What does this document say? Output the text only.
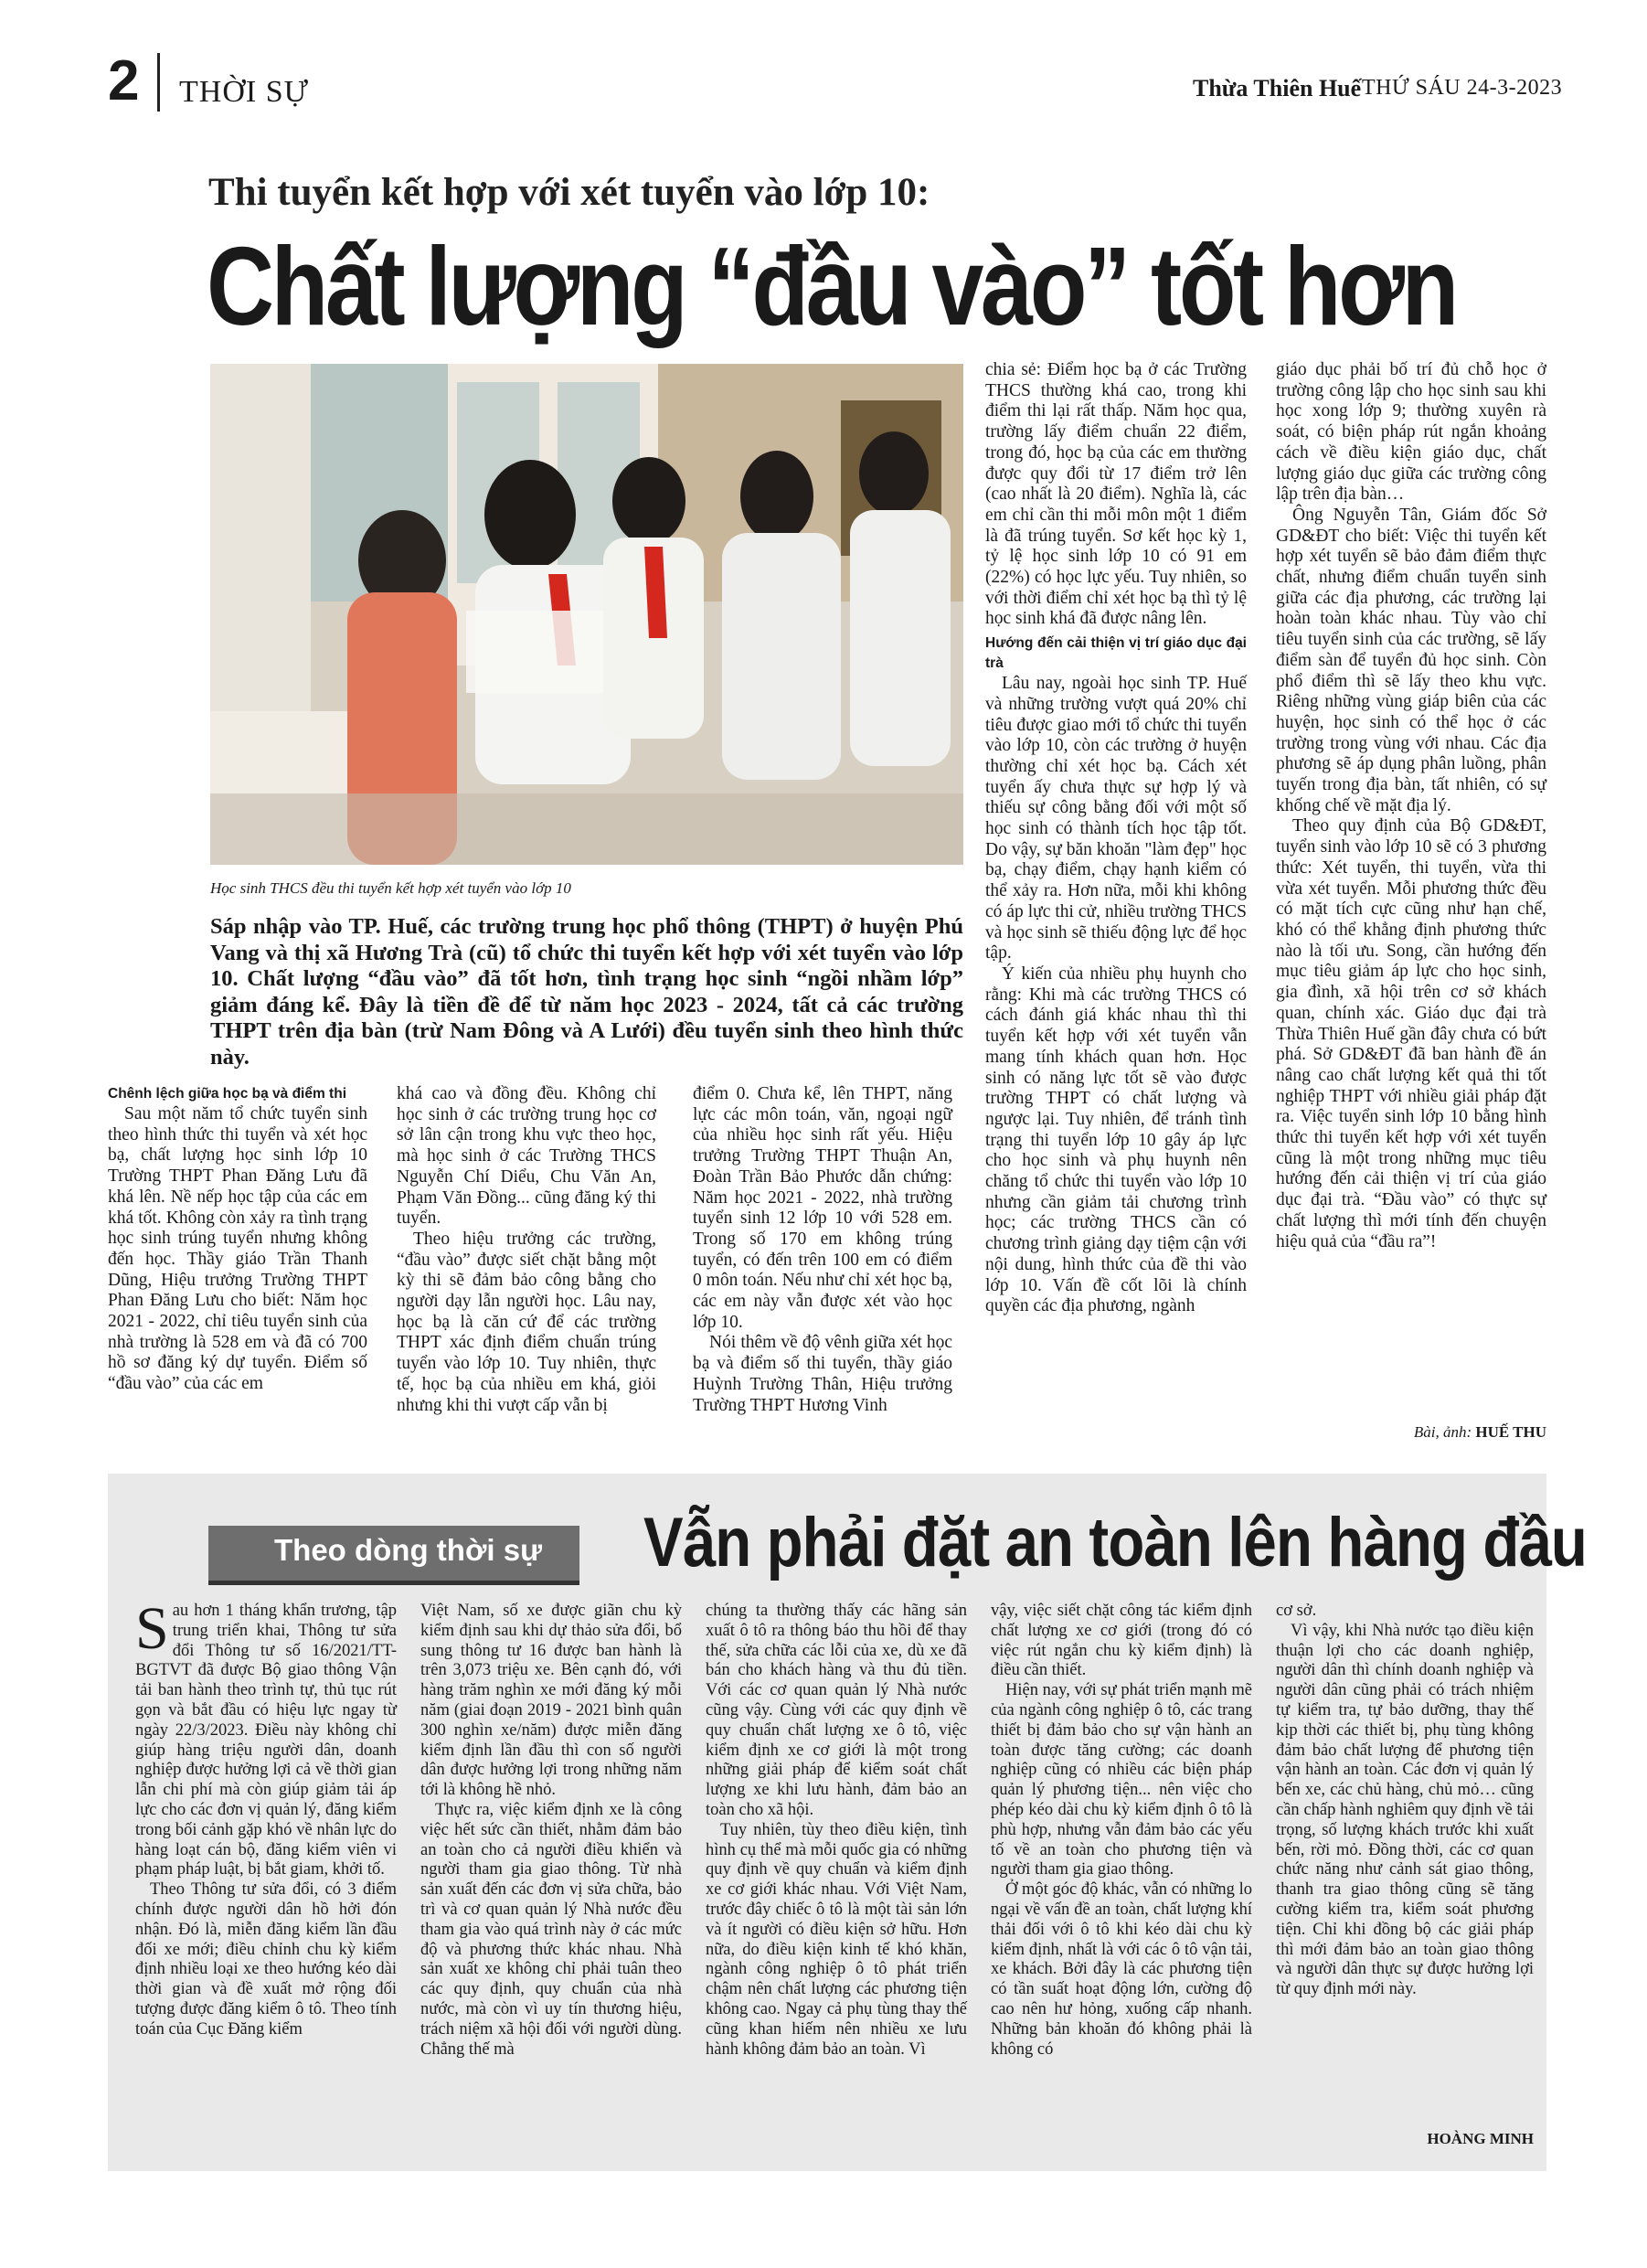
2 THỜI SỰ	Thừa Thiên Huế THỨ SÁU 24-3-2023
Thi tuyển kết hợp với xét tuyển vào lớp 10:
Chất lượng “đầu vào” tốt hơn
Học sinh THCS đều thi tuyển kết hợp xét tuyển vào lớp 10
Sáp nhập vào TP. Huế, các trường trung học phổ thông (THPT) ở huyện Phú Vang và thị xã Hương Trà (cũ) tổ chức thi tuyển kết hợp với xét tuyển vào lớp 10. Chất lượng “đầu vào” đã tốt hơn, tình trạng học sinh “ngồi nhầm lớp” giảm đáng kể. Đây là tiền đề để từ năm học 2023 - 2024, tất cả các trường THPT trên địa bàn (trừ Nam Đông và A Lưới) đều tuyển sinh theo hình thức này.

Chênh lệch giữa học bạ và điểm thi

Sau một năm tổ chức tuyển sinh theo hình thức thi tuyển và xét học bạ, chất lượng học sinh lớp 10 Trường THPT Phan Đăng Lưu đã khá lên. Nề nếp học tập của các em khá tốt. Không còn xảy ra tình trạng học sinh trúng tuyển nhưng không đến học. Thầy giáo Trần Thanh Dũng, Hiệu trưởng Trường THPT Phan Đăng Lưu cho biết: Năm học 2021 - 2022, chỉ tiêu tuyển sinh của nhà trường là 528 em và đã có 700 hồ sơ đăng ký dự tuyển. Điểm số “đầu vào” của các em

khá cao và đồng đều. Không chỉ học sinh ở các trường trung học cơ sở lân cận trong khu vực theo học, mà học sinh ở các Trường THCS Nguyễn Chí Diểu, Chu Văn An, Phạm Văn Đồng... cũng đăng ký thi tuyển.

Theo hiệu trưởng các trường, “đầu vào” được siết chặt bằng một kỳ thi sẽ đảm bảo công bằng cho người dạy lẫn người học. Lâu nay, học bạ là căn cứ để các trường THPT xác định điểm chuẩn trúng tuyển vào lớp 10. Tuy nhiên, thực tế, học bạ của nhiều em khá, giỏi nhưng khi thi vượt cấp vẫn bị

điểm 0. Chưa kể, lên THPT, năng lực các môn toán, văn, ngoại ngữ của nhiều học sinh rất yếu. Hiệu trưởng Trường THPT Thuận An, Đoàn Trần Bảo Phước dẫn chứng: Năm học 2021 - 2022, nhà trường tuyển sinh 12 lớp 10 với 528 em. Trong số 170 em không trúng tuyển, có đến trên 100 em có điểm 0 môn toán. Nếu như chỉ xét học bạ, các em này vẫn được xét vào học lớp 10.

Nói thêm về độ vênh giữa xét học bạ và điểm số thi tuyển, thầy giáo Huỳnh Trường Thân, Hiệu trưởng Trường THPT Hương Vinh

chia sẻ: Điểm học bạ ở các Trường THCS thường khá cao, trong khi điểm thi lại rất thấp. Năm học qua, trường lấy điểm chuẩn 22 điểm, trong đó, học bạ của các em thường được quy đổi từ 17 điểm trở lên (cao nhất là 20 điểm). Nghĩa là, các em chỉ cần thi mỗi môn một 1 điểm là đã trúng tuyển. Sơ kết học kỳ 1, tỷ lệ học sinh lớp 10 có 91 em (22%) có học lực yếu. Tuy nhiên, so với thời điểm chỉ xét học bạ thì tỷ lệ học sinh khá đã được nâng lên.

Hướng đến cải thiện vị trí giáo dục đại trà

Lâu nay, ngoài học sinh TP. Huế và những trường vượt quá 20% chỉ tiêu được giao mới tổ chức thi tuyển vào lớp 10, còn các trường ở huyện thường chỉ xét học bạ. Cách xét tuyển ấy chưa thực sự hợp lý và thiếu sự công bằng đối với một số học sinh có thành tích học tập tốt. Do vậy, sự băn khoăn "làm đẹp" học bạ, chạy điểm, chạy hạnh kiểm có thể xảy ra. Hơn nữa, mỗi khi không có áp lực thi cử, nhiều trường THCS và học sinh sẽ thiếu động lực để học tập.

Ý kiến của nhiều phụ huynh cho rằng: Khi mà các trường THCS có cách đánh giá khác nhau thì thi tuyển kết hợp với xét tuyển vẫn mang tính khách quan hơn. Học sinh có năng lực tốt sẽ vào được trường THPT có chất lượng và ngược lại. Tuy nhiên, để tránh tình trạng thi tuyển lớp 10 gây áp lực cho học sinh và phụ huynh nên chăng tổ chức thi tuyển vào lớp 10 nhưng cần giảm tải chương trình học; các trường THCS cần có chương trình giảng dạy tiệm cận với nội dung, hình thức của đề thi vào lớp 10. Vấn đề cốt lõi là chính quyền các địa phương, ngành

giáo dục phải bố trí đủ chỗ học ở trường công lập cho học sinh sau khi học xong lớp 9; thường xuyên rà soát, có biện pháp rút ngắn khoảng cách về điều kiện giáo dục, chất lượng giáo dục giữa các trường công lập trên địa bàn…

Ông Nguyễn Tân, Giám đốc Sở GD&ĐT cho biết: Việc thi tuyển kết hợp xét tuyển sẽ bảo đảm điểm thực chất, nhưng điểm chuẩn tuyển sinh giữa các địa phương, các trường lại hoàn toàn khác nhau. Tùy vào chỉ tiêu tuyển sinh của các trường, sẽ lấy điểm sàn để tuyển đủ học sinh. Còn phổ điểm thì sẽ lấy theo khu vực. Riêng những vùng giáp biên của các huyện, học sinh có thể học ở các trường trong vùng với nhau. Các địa phương sẽ áp dụng phân luồng, phân tuyến trong địa bàn, tất nhiên, có sự khống chế về mặt địa lý.

Theo quy định của Bộ GD&ĐT, tuyển sinh vào lớp 10 sẽ có 3 phương thức: Xét tuyển, thi tuyển, vừa thi vừa xét tuyển. Mỗi phương thức đều có mặt tích cực cũng như hạn chế, khó có thể khẳng định phương thức nào là tối ưu. Song, cần hướng đến mục tiêu giảm áp lực cho học sinh, gia đình, xã hội trên cơ sở khách quan, chính xác. Giáo dục đại trà Thừa Thiên Huế gần đây chưa có bứt phá. Sở GD&ĐT đã ban hành đề án nâng cao chất lượng kết quả thi tốt nghiệp THPT với nhiều giải pháp đặt ra. Việc tuyển sinh lớp 10 bằng hình thức thi tuyển kết hợp với xét tuyển cũng là một trong những mục tiêu hướng đến cải thiện vị trí của giáo dục đại trà. “Đầu vào” có thực sự chất lượng thì mới tính đến chuyện hiệu quả của “đầu ra”!

Bài, ảnh: HUẾ THU
Theo dòng thời sự Vẫn phải đặt an toàn lên hàng đầu

Sau hơn 1 tháng khẩn trương, tập trung triển khai, Thông tư sửa đổi Thông tư số 16/2021/TT-BGTVT đã được Bộ giao thông Vận tải ban hành theo trình tự, thủ tục rút gọn và bắt đầu có hiệu lực ngay từ ngày 22/3/2023. Điều này không chỉ giúp hàng triệu người dân, doanh nghiệp được hưởng lợi cả về thời gian lẫn chi phí mà còn giúp giảm tải áp lực cho các đơn vị quản lý, đăng kiểm trong bối cảnh gặp khó về nhân lực do hàng loạt cán bộ, đăng kiểm viên vi phạm pháp luật, bị bắt giam, khởi tố.

Theo Thông tư sửa đổi, có 3 điểm chính được người dân hồ hởi đón nhận. Đó là, miễn đăng kiểm lần đầu đối xe mới; điều chỉnh chu kỳ kiểm định nhiều loại xe theo hướng kéo dài thời gian và đề xuất mở rộng đối tượng được đăng kiểm ô tô. Theo tính toán của Cục Đăng kiểm

Việt Nam, số xe được giãn chu kỳ kiểm định sau khi dự thảo sửa đổi, bổ sung thông tư 16 được ban hành là trên 3,073 triệu xe. Bên cạnh đó, với hàng trăm nghìn xe mới đăng ký mỗi năm (giai đoạn 2019 - 2021 bình quân 300 nghìn xe/năm) được miễn đăng kiểm định lần đầu thì con số người dân được hưởng lợi trong những năm tới là không hề nhỏ.

Thực ra, việc kiểm định xe là công việc hết sức cần thiết, nhằm đảm bảo an toàn cho cả người điều khiển và người tham gia giao thông. Từ nhà sản xuất đến các đơn vị sửa chữa, bảo trì và cơ quan quản lý Nhà nước đều tham gia vào quá trình này ở các mức độ và phương thức khác nhau. Nhà sản xuất xe không chỉ phải tuân theo các quy định, quy chuẩn của nhà nước, mà còn vì uy tín thương hiệu, trách niệm xã hội đối với người dùng. Chẳng thế mà

chúng ta thường thấy các hãng sản xuất ô tô ra thông báo thu hồi để thay thế, sửa chữa các lỗi của xe, dù xe đã bán cho khách hàng và thu đủ tiền. Với các cơ quan quản lý Nhà nước cũng vậy. Cùng với các quy định về quy chuẩn chất lượng xe ô tô, việc kiểm định xe cơ giới là một trong những giải pháp để kiểm soát chất lượng xe khi lưu hành, đảm bảo an toàn cho xã hội.

Tuy nhiên, tùy theo điều kiện, tình hình cụ thể mà mỗi quốc gia có những quy định về quy chuẩn và kiểm định xe cơ giới khác nhau. Với Việt Nam, trước đây chiếc ô tô là một tài sản lớn và ít người có điều kiện sở hữu. Hơn nữa, do điều kiện kinh tế khó khăn, ngành công nghiệp ô tô phát triển chậm nên chất lượng các phương tiện không cao. Ngay cả phụ tùng thay thế cũng khan hiếm nên nhiều xe lưu hành không đảm bảo an toàn. Vì

vậy, việc siết chặt công tác kiểm định chất lượng xe cơ giới (trong đó có việc rút ngắn chu kỳ kiểm định) là điều cần thiết.

Hiện nay, với sự phát triển mạnh mẽ của ngành công nghiệp ô tô, các trang thiết bị đảm bảo cho sự vận hành an toàn được tăng cường; các doanh nghiệp cũng có nhiều các biện pháp quản lý phương tiện... nên việc cho phép kéo dài chu kỳ kiểm định ô tô là phù hợp, nhưng vẫn đảm bảo các yếu tố về an toàn cho phương tiện và người tham gia giao thông.

Ở một góc độ khác, vẫn có những lo ngại về vấn đề an toàn, chất lượng khí thải đối với ô tô khi kéo dài chu kỳ kiểm định, nhất là với các ô tô vận tải, xe khách. Bởi đây là các phương tiện có tần suất hoạt động lớn, cường độ cao nên hư hỏng, xuống cấp nhanh. Những bản khoăn đó không phải là không có

cơ sở.

Vì vậy, khi Nhà nước tạo điều kiện thuận lợi cho các doanh nghiệp, người dân thì chính doanh nghiệp và người dân cũng phải có trách nhiệm tự kiểm tra, tự bảo dưỡng, thay thế kịp thời các thiết bị, phụ tùng không đảm bảo chất lượng để phương tiện vận hành an toàn. Các đơn vị quản lý bến xe, các chủ hàng, chủ mỏ… cũng cần chấp hành nghiêm quy định về tải trọng, số lượng khách trước khi xuất bến, rời mỏ. Đồng thời, các cơ quan chức năng như cảnh sát giao thông, thanh tra giao thông cũng sẽ tăng cường kiểm tra, kiểm soát phương tiện. Chỉ khi đồng bộ các giải pháp thì mới đảm bảo an toàn giao thông và người dân thực sự được hưởng lợi từ quy định mới này.

HOÀNG MINH
